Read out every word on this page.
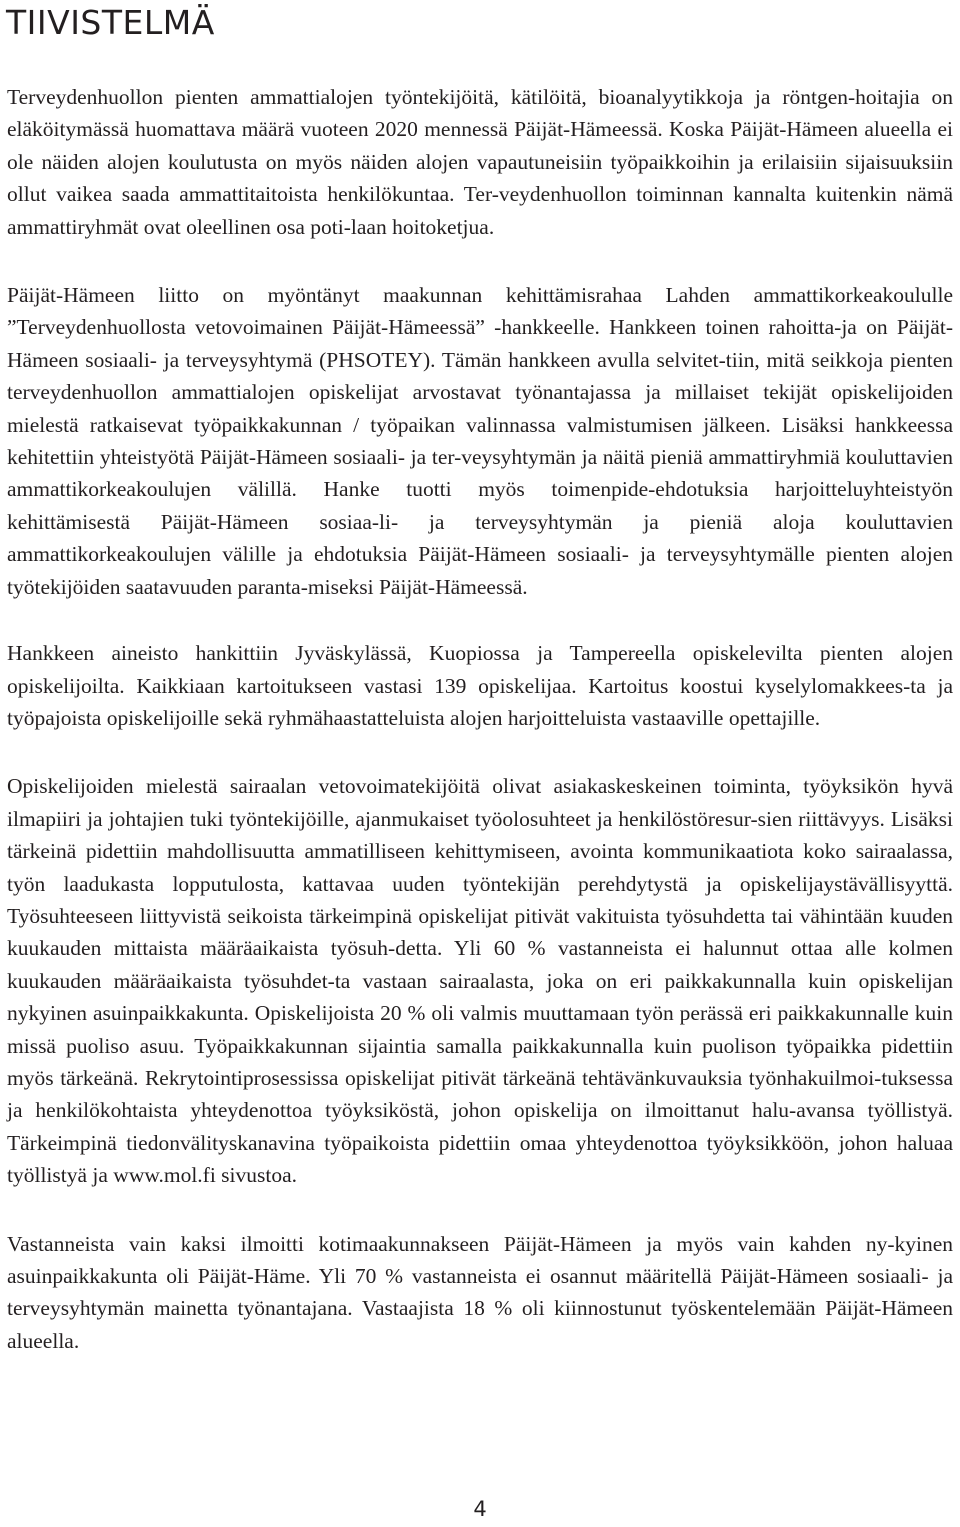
TIIVISTELMÄ

Terveydenhuollon pienten ammattialojen työntekijöitä, kätilöitä, bioanalyytikkoja ja röntgen-hoitajia on eläköitymässä huomattava määrä vuoteen 2020 mennessä Päijät-Hämeessä. Koska Päijät-Hämeen alueella ei ole näiden alojen koulutusta on myös näiden alojen vapautuneisiin työpaikkoihin ja erilaisiin sijaisuuksiin ollut vaikea saada ammattitaitoista henkilökuntaa. Ter-veydenhuollon toiminnan kannalta kuitenkin nämä ammattiryhmät ovat oleellinen osa poti-laan hoitoketjua.

Päijät-Hämeen liitto on myöntänyt maakunnan kehittämisrahaa Lahden ammattikorkeakoululle ”Terveydenhuollosta vetovoimainen Päijät-Hämeessä” -hankkeelle. Hankkeen toinen rahoitta-ja on Päijät-Hämeen sosiaali- ja terveysyhtymä (PHSOTEY). Tämän hankkeen avulla selvitet-tiin, mitä seikkoja pienten terveydenhuollon ammattialojen opiskelijat arvostavat työnantajassa ja millaiset tekijät opiskelijoiden mielestä ratkaisevat työpaikkakunnan / työpaikan valinnassa valmistumisen jälkeen. Lisäksi hankkeessa kehitettiin yhteistyötä Päijät-Hämeen sosiaali- ja ter-veysyhtymän ja näitä pieniä ammattiryhmiä kouluttavien ammattikorkeakoulujen välillä. Hanke tuotti myös toimenpide-ehdotuksia harjoitteluyhteistyön kehittämisestä Päijät-Hämeen sosiaa-li- ja terveysyhtymän ja pieniä aloja kouluttavien ammattikorkeakoulujen välille ja ehdotuksia Päijät-Hämeen sosiaali- ja terveysyhtymälle pienten alojen työtekijöiden saatavuuden paranta-miseksi Päijät-Hämeessä.

Hankkeen aineisto hankittiin Jyväskylässä, Kuopiossa ja Tampereella opiskelevilta pienten alojen opiskelijoilta. Kaikkiaan kartoitukseen vastasi 139 opiskelijaa. Kartoitus koostui kyselylomakkees-ta ja työpajoista opiskelijoille sekä ryhmähaastatteluista alojen harjoitteluista vastaaville opettajille.

Opiskelijoiden mielestä sairaalan vetovoimatekijöitä olivat asiakaskeskeinen toiminta, työyksikön hyvä ilmapiiri ja johtajien tuki työntekijöille, ajanmukaiset työolosuhteet ja henkilöstöresur-sien riittävyys. Lisäksi tärkeinä pidettiin mahdollisuutta ammatilliseen kehittymiseen, avointa kommunikaatiota koko sairaalassa, työn laadukasta lopputulosta, kattavaa uuden työntekijän perehdytystä ja opiskelijaystävällisyyttä. Työsuhteeseen liittyvistä seikoista tärkeimpinä opiskelijat pitivät vakituista työsuhdetta tai vähintään kuuden kuukauden mittaista määräaikaista työsuh-detta. Yli 60 % vastanneista ei halunnut ottaa alle kolmen kuukauden määräaikaista työsuhdet-ta vastaan sairaalasta, joka on eri paikkakunnalla kuin opiskelijan nykyinen asuinpaikkakunta. Opiskelijoista 20 % oli valmis muuttamaan työn perässä eri paikkakunnalle kuin missä puoliso asuu. Työpaikkakunnan sijaintia samalla paikkakunnalla kuin puolison työpaikka pidettiin myös tärkeänä. Rekrytointiprosessissa opiskelijat pitivät tärkeänä tehtävänkuvauksia työnhakuilmoi-tuksessa ja henkilökohtaista yhteydenottoa työyksiköstä, johon opiskelija on ilmoittanut halu-avansa työllistyä. Tärkeimpinä tiedonvälityskanavina työpaikoista pidettiin omaa yhteydenottoa työyksikköön, johon haluaa työllistyä ja www.mol.fi sivustoa.

Vastanneista vain kaksi ilmoitti kotimaakunnakseen Päijät-Hämeen ja myös vain kahden ny-kyinen asuinpaikkakunta oli Päijät-Häme. Yli 70 % vastanneista ei osannut määritellä Päijät-Hämeen sosiaali- ja terveysyhtymän mainetta työnantajana. Vastaajista 18 % oli kiinnostunut työskentelemään Päijät-Hämeen alueella.

4
